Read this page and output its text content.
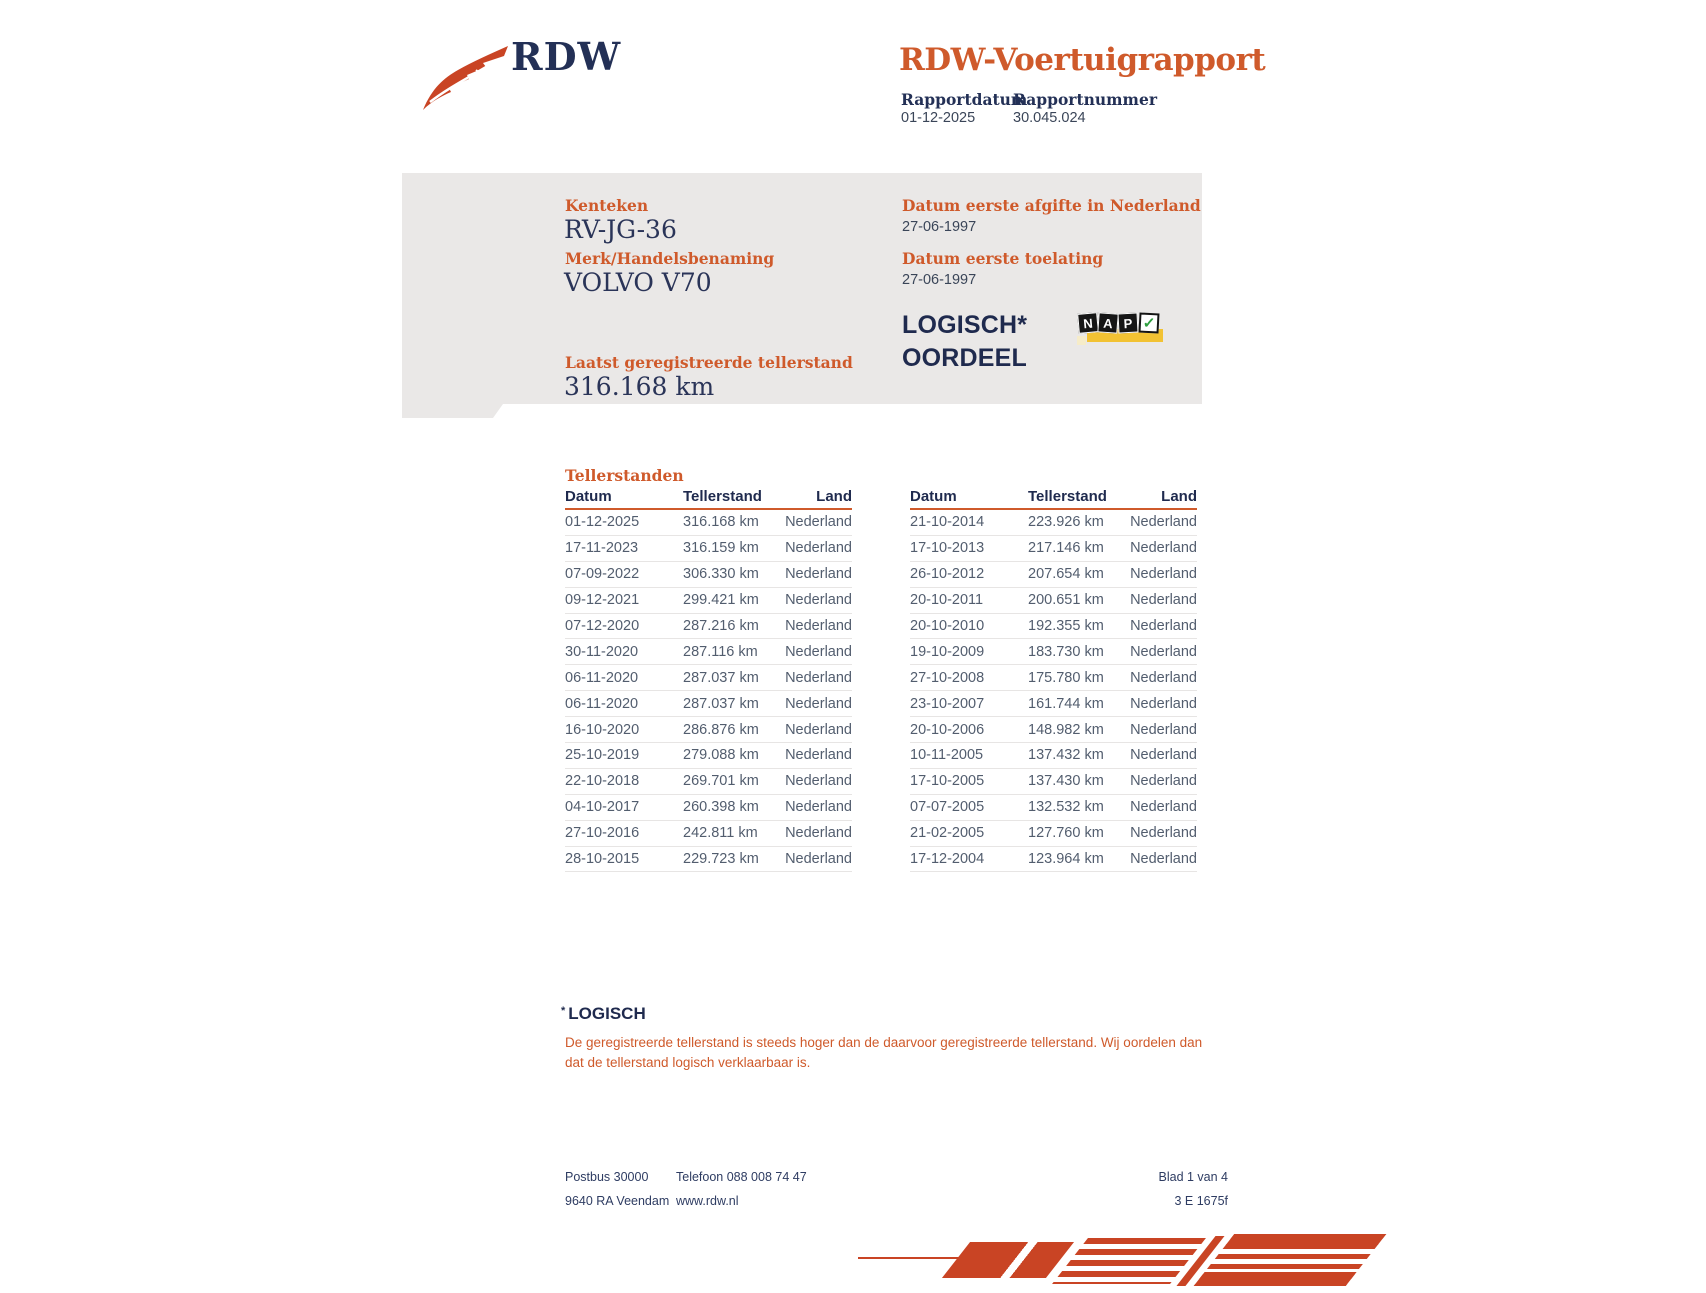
RDW	RDW-Voertuigrapport
Rapportdatum
Rapportnummer
01-12-2025	30.045.024
Kenteken
RV-JG-36
Merk/Handelsbenaming
VOLVO V70
Laatst geregistreerde tellerstand
316.168 km
Datum eerste afgifte in Nederland
27-06-1997
Datum eerste toelating
27-06-1997
LOGISCH*
OORDEEL
N A P ✓
Tellerstanden
Datum	Tellerstand	Land
01-12-2025	316.168 km	Nederland
17-11-2023	316.159 km	Nederland
07-09-2022	306.330 km	Nederland
09-12-2021	299.421 km	Nederland
07-12-2020	287.216 km	Nederland
30-11-2020	287.116 km	Nederland
06-11-2020	287.037 km	Nederland
06-11-2020	287.037 km	Nederland
16-10-2020	286.876 km	Nederland
25-10-2019	279.088 km	Nederland
22-10-2018	269.701 km	Nederland
04-10-2017	260.398 km	Nederland
27-10-2016	242.811 km	Nederland
28-10-2015	229.723 km	Nederland
Datum	Tellerstand	Land
21-10-2014	223.926 km	Nederland
17-10-2013	217.146 km	Nederland
26-10-2012	207.654 km	Nederland
20-10-2011	200.651 km	Nederland
20-10-2010	192.355 km	Nederland
19-10-2009	183.730 km	Nederland
27-10-2008	175.780 km	Nederland
23-10-2007	161.744 km	Nederland
20-10-2006	148.982 km	Nederland
10-11-2005	137.432 km	Nederland
17-10-2005	137.430 km	Nederland
07-07-2005	132.532 km	Nederland
21-02-2005	127.760 km	Nederland
17-12-2004	123.964 km	Nederland
* LOGISCH
De geregistreerde tellerstand is steeds hoger dan de daarvoor geregistreerde tellerstand. Wij oordelen dan dat de tellerstand logisch verklaarbaar is.
Postbus 30000
9640 RA Veendam
Telefoon 088 008 74 47
www.rdw.nl
Blad 1 van 4
3 E 1675f
